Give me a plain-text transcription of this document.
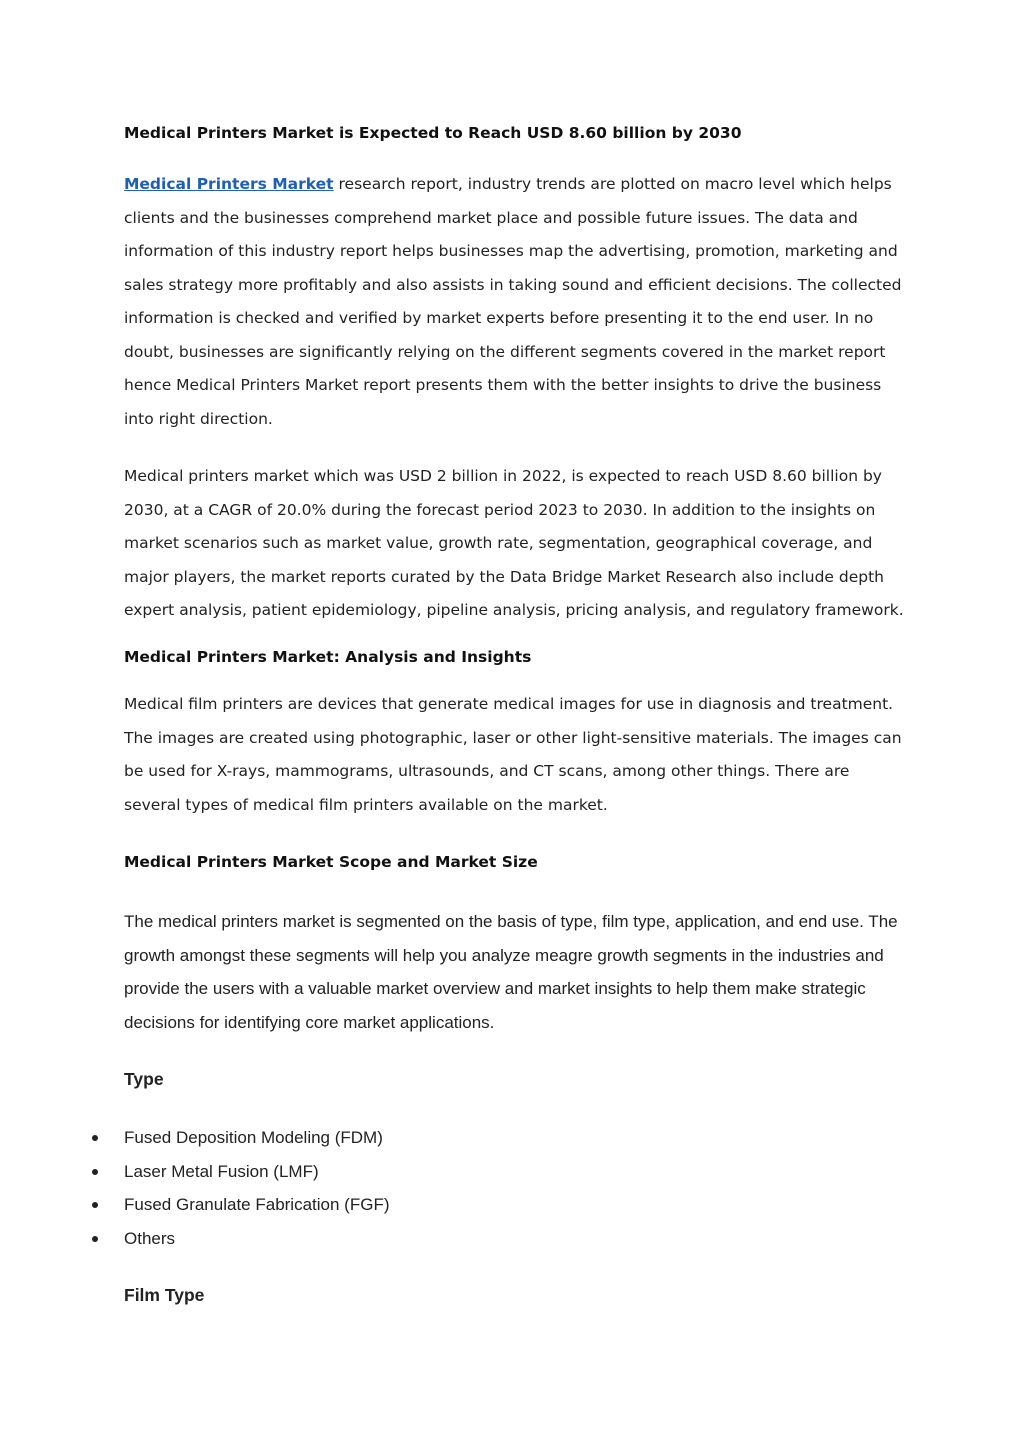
Medical Printers Market is Expected to Reach USD 8.60 billion by 2030

Medical Printers Market research report, industry trends are plotted on macro level which helps clients and the businesses comprehend market place and possible future issues. The data and information of this industry report helps businesses map the advertising, promotion, marketing and sales strategy more profitably and also assists in taking sound and efficient decisions. The collected information is checked and verified by market experts before presenting it to the end user. In no doubt, businesses are significantly relying on the different segments covered in the market report hence Medical Printers Market report presents them with the better insights to drive the business into right direction.

Medical printers market which was USD 2 billion in 2022, is expected to reach USD 8.60 billion by 2030, at a CAGR of 20.0% during the forecast period 2023 to 2030. In addition to the insights on market scenarios such as market value, growth rate, segmentation, geographical coverage, and major players, the market reports curated by the Data Bridge Market Research also include depth expert analysis, patient epidemiology, pipeline analysis, pricing analysis, and regulatory framework.

Medical Printers Market: Analysis and Insights

Medical film printers are devices that generate medical images for use in diagnosis and treatment. The images are created using photographic, laser or other light-sensitive materials. The images can be used for X-rays, mammograms, ultrasounds, and CT scans, among other things. There are several types of medical film printers available on the market.

Medical Printers Market Scope and Market Size

The medical printers market is segmented on the basis of type, film type, application, and end use. The growth amongst these segments will help you analyze meagre growth segments in the industries and provide the users with a valuable market overview and market insights to help them make strategic decisions for identifying core market applications.

Type
Fused Deposition Modeling (FDM)
Laser Metal Fusion (LMF)
Fused Granulate Fabrication (FGF)
Others
Film Type
